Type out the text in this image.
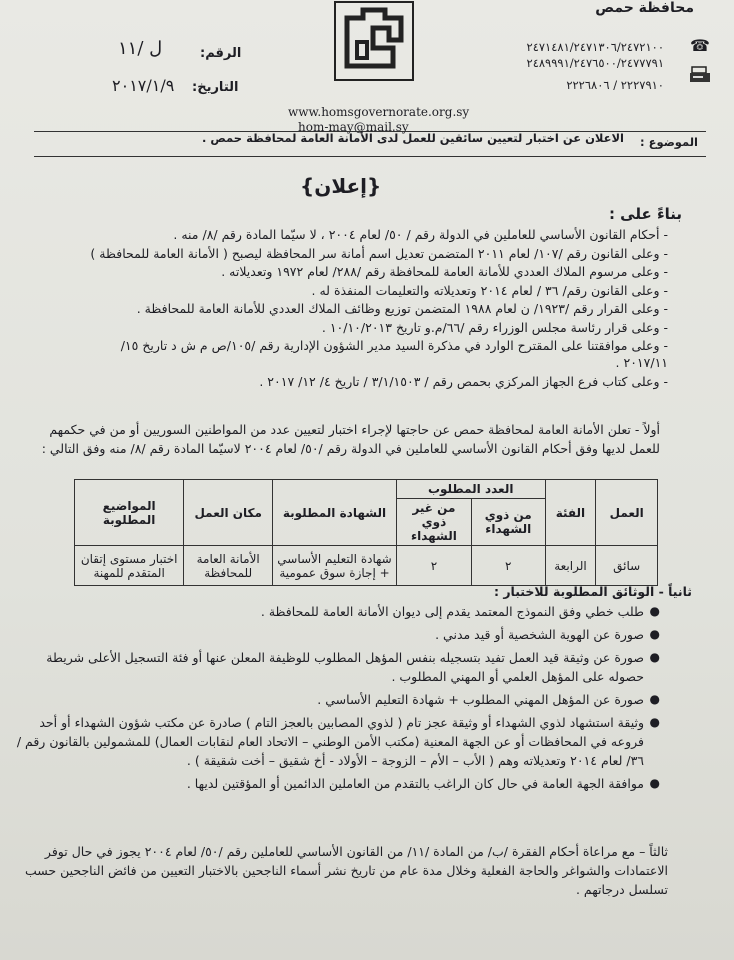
محافظة حمص
☎
٢٤٧١٤٨١/٢٤٧١٣٠٦/٢٤٧٢١٠٠
٢٤٨٩٩٩١/٢٤٧٦٥٠٠/٢٤٧٧٧٩١
٢٢٢٧٩١٠ / ٢٢٢٦٨٠٦
www.homsgovernorate.org.sy
hom-may@mail.sy
الرقم:
ل /١١
التاريخ:
٢٠١٧/١/٩
الموضوع :
الاعلان عن اختبار لتعيين سائقين للعمل لدى الأمانة العامة لمحافظة حمص .
{إعلان}
بناءً على :
- أحكام القانون الأساسي للعاملين في الدولة رقم / ٥٠/ لعام ٢٠٠٤ ، لا سيّما المادة رقم /٨/ منه .
- وعلى القانون رقم /١٠٧/ لعام ٢٠١١ المتضمن تعديل اسم أمانة سر المحافظة ليصبح ( الأمانة العامة للمحافظة )
- وعلى مرسوم الملاك العددي للأمانة العامة للمحافظة رقم /٢٨٨/ لعام ١٩٧٢ وتعديلاته .
- وعلى القانون رقم/ ٣٦ / لعام ٢٠١٤ وتعديلاته والتعليمات المنفذة له .
- وعلى القرار رقم /١٩٢٣/ ن لعام ١٩٨٨ المتضمن توزيع وظائف الملاك العددي للأمانة العامة للمحافظة .
- وعلى قرار رئاسة مجلس الوزراء رقم /٦٦/م.و تاريخ ١٠/١٠/٢٠١٣ .
- وعلى موافقتنا على المقترح الوارد في مذكرة السيد مدير الشؤون الإدارية رقم /١٠٥/ص م ش د تاريخ ١٥/ ٢٠١٧/١١ .
- وعلى كتاب فرع الجهاز المركزي بحمص رقم / ٣/١/١٥٠٣ / تاريخ ٤/ ١٢/ ٢٠١٧ .
أولاً - تعلن الأمانة العامة لمحافظة حمص عن حاجتها لإجراء اختبار لتعيين عدد من المواطنين السوريين أو من في حكمهم للعمل لديها وفق أحكام القانون الأساسي للعاملين في الدولة رقم /٥٠/ لعام ٢٠٠٤ لاسيّما المادة رقم /٨/ منه وفق التالي :
العمل	الفئة	العدد المطلوب		الشهادة المطلوبة	مكان العمل	المواضيع المطلوبة
		من ذوي الشهداء	من غير ذوي الشهداء			
سائق	الرابعة	٢	٢	شهادة التعليم الأساسي + إجازة سوق عمومية	الأمانة العامة للمحافظة	اختبار مستوى إتقان المتقدم للمهنة
ثانياً - الوثائق المطلوبة للاختبار :
●
طلب خطي وفق النموذج المعتمد يقدم إلى ديوان الأمانة العامة للمحافظة .
●
صورة عن الهوية الشخصية أو قيد مدني .
●
صورة عن وثيقة قيد العمل تفيد بتسجيله بنفس المؤهل المطلوب للوظيفة المعلن عنها أو فئة التسجيل الأعلى شريطة حصوله على المؤهل العلمي أو المهني المطلوب .
●
صورة عن المؤهل المهني المطلوب + شهادة التعليم الأساسي .
●
وثيقة استشهاد لذوي الشهداء أو وثيقة عجز تام ( لذوي المصابين بالعجز التام ) صادرة عن مكتب شؤون الشهداء أو أحد فروعه في المحافظات أو عن الجهة المعنية (مكتب الأمن الوطني – الاتحاد العام لنقابات العمال) للمشمولين بالقانون رقم /٣٦/ لعام ٢٠١٤ وتعديلاته وهم ( الأب – الأم – الزوجة – الأولاد - أخ شقيق – أخت شقيقة ) .
●
موافقة الجهة العامة في حال كان الراغب بالتقدم من العاملين الدائمين أو المؤقتين لديها .
ثالثاً – مع مراعاة أحكام الفقرة /ب/ من المادة /١١/ من القانون الأساسي للعاملين رقم /٥٠/ لعام ٢٠٠٤ يجوز في حال توفر الاعتمادات والشواغر والحاجة الفعلية وخلال مدة عام من تاريخ نشر أسماء الناجحين بالاختبار التعيين من فائض الناجحين حسب تسلسل درجاتهم .
